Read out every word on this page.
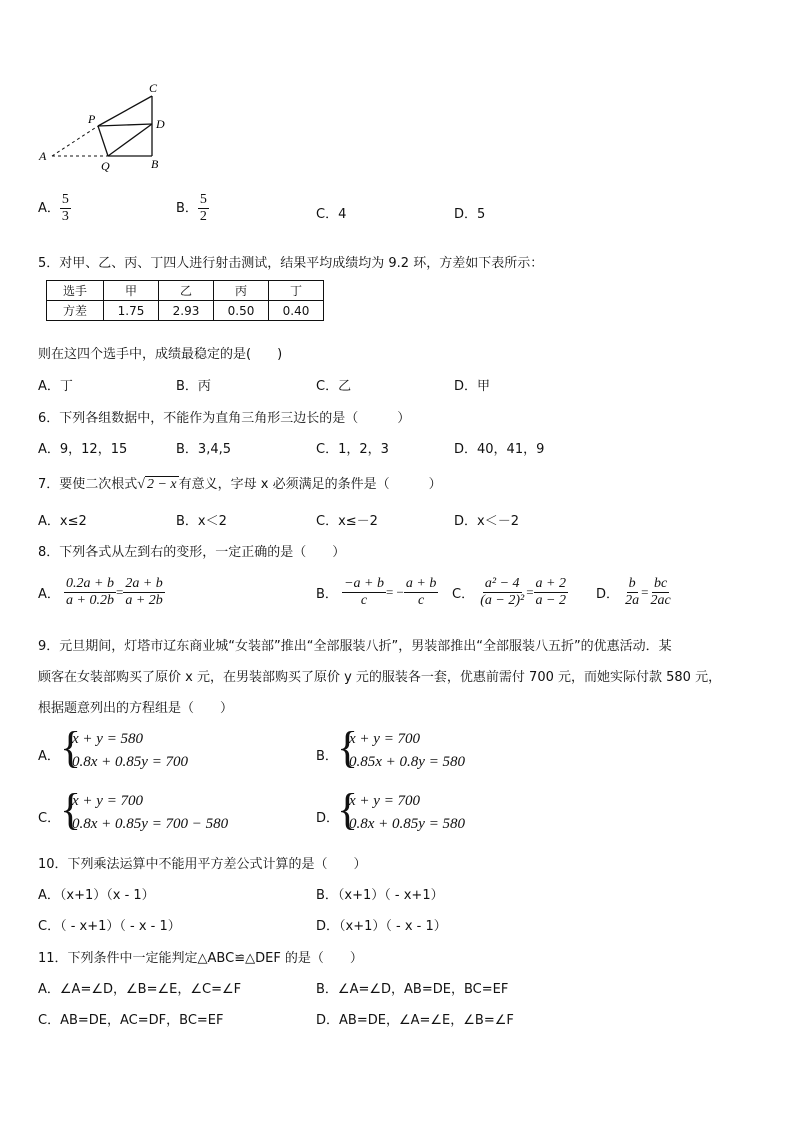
C
P	D
A
Q	B
A． $\frac{5}{3}$	B． $\frac{5}{2}$	C．4	D．5
5．对甲、乙、丙、丁四人进行射击测试，结果平均成绩均为 9.2 环，方差如下表所示：
选手	甲	乙	丙	丁
方差	1.75	2.93	0.50	0.40
则在这四个选手中，成绩最稳定的是(　　)
A．丁	B．丙	C．乙	D．甲
6．下列各组数据中，不能作为直角三角形三边长的是（　　　）
A．9，12，15	B．3,4,5	C．1，2，3	D．40，41，9
7．要使二次根式√ 2 − x 有意义，字母 x 必须满足的条件是（　　　）
A．x≤2	B．x＜2	C．x≤－2	D．x＜－2
8．下列各式从左到右的变形，一定正确的是（　　）
A． $\frac{0.2a + b}{a + 0.2b} = \frac{2a + b}{a + 2b}$	B． $\frac{-a + b}{c}$ = − $\frac{a + b}{c}$ C． $\frac{\text{a² − 4}}{\text{(a − 2)²}} = \frac{a + 2}{a - 2}$ D． $\frac{b}{2a} = \frac{bc}{2ac}$
9．元旦期间，灯塔市辽东商业城“女装部”推出“全部服装八折”，男装部推出“全部服装八五折”的优惠活动．某
顾客在女装部购买了原价 x 元，在男装部购买了原价 y 元的服装各一套，优惠前需付 700 元，而她实际付款 580 元，
根据题意列出的方程组是（　　）
A． {
x + y = 580
0.8x + 0.85y = 700	B． {
x + y = 700
0.85x + 0.8y = 580
C． {
x + y = 700
0.8x + 0.85y = 700 − 580	D．
{
x + y = 700
0.8x + 0.85y = 580
10．下列乘法运算中不能用平方差公式计算的是（　　）
A．（x+1）（x - 1）	B．（x+1）（ - x+1）
C．（ - x+1）（ - x - 1）	D．（x+1）（ - x - 1）
11．下列条件中一定能判定△ABC≌△DEF 的是（　　）
A．∠A=∠D，∠B=∠E，∠C=∠F	B．∠A=∠D，AB=DE，BC=EF
C．AB=DE，AC=DF，BC=EF	D．AB=DE，∠A=∠E，∠B=∠F
